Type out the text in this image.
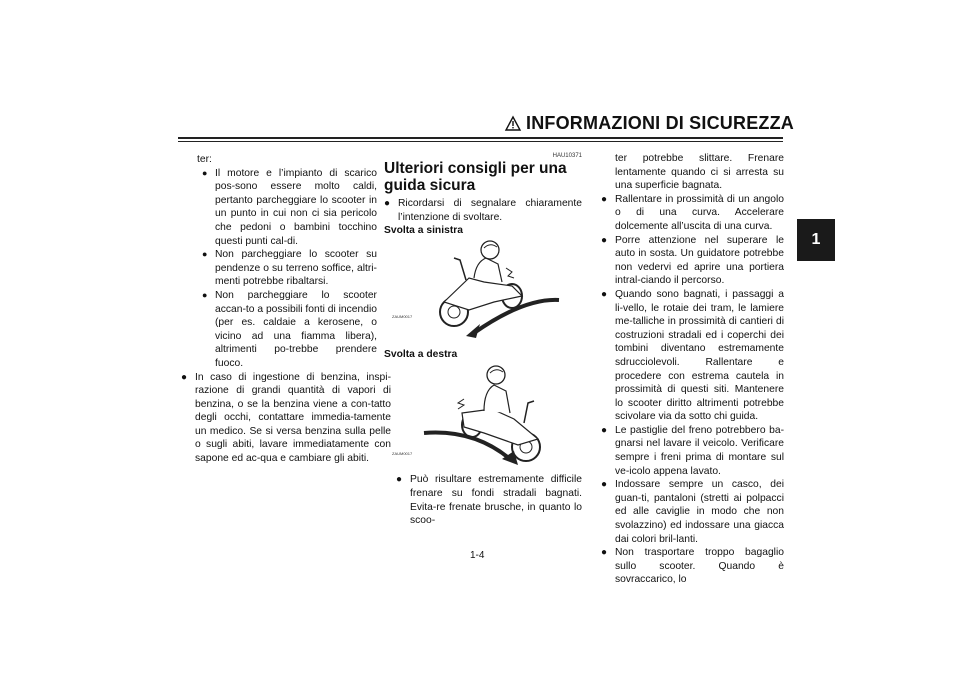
INFORMAZIONI DI SICUREZZA
1

ter:

● Il motore e l’impianto di scarico pos-sono essere molto caldi, pertanto parcheggiare lo scooter in un punto in cui non ci sia pericolo che pedoni o bambini tocchino questi punti cal-di.
● Non parcheggiare lo scooter su pendenze o su terreno soffice, altri-menti potrebbe ribaltarsi.
● Non parcheggiare lo scooter accan-to a possibili fonti di incendio (per es. caldaie a kerosene, o vicino ad una fiamma libera), altrimenti po-trebbe prendere fuoco.
● In caso di ingestione di benzina, inspi-razione di grandi quantità di vapori di benzina, o se la benzina viene a con-tatto degli occhi, contattare immedia-tamente un medico. Se si versa benzina sulla pelle o sugli abiti, lavare immediatamente con sapone ed ac-qua e cambiare gli abiti.

HAU10371

Ulteriori consigli per una guida sicura

● Ricordarsi di segnalare chiaramente l’intenzione di svoltare.

Svolta a sinistra

ZAUM0017

Svolta a destra

ZAUM0017
● Può risultare estremamente difficile frenare su fondi stradali bagnati. Evita-re frenate brusche, in quanto lo scoo-

ter potrebbe slittare. Frenare lentamente quando ci si arresta su una superficie bagnata.

● Rallentare in prossimità di un angolo o di una curva. Accelerare dolcemente all’uscita di una curva.
● Porre attenzione nel superare le auto in sosta. Un guidatore potrebbe non vedervi ed aprire una portiera intral-ciando il percorso.
● Quando sono bagnati, i passaggi a li-vello, le rotaie dei tram, le lamiere me-talliche in prossimità di cantieri di costruzioni stradali ed i coperchi dei tombini diventano estremamente sdrucciolevoli. Rallentare e procedere con estrema cautela in prossimità di questi siti. Mantenere lo scooter diritto altrimenti potrebbe scivolare via da sotto chi guida.
● Le pastiglie del freno potrebbero ba-gnarsi nel lavare il veicolo. Verificare sempre i freni prima di montare sul ve-icolo appena lavato.
● Indossare sempre un casco, dei guan-ti, pantaloni (stretti ai polpacci ed alle caviglie in modo che non svolazzino) ed indossare una giacca dai colori bril-lanti.
● Non trasportare troppo bagaglio sullo scooter. Quando è sovraccarico, lo
1-4
